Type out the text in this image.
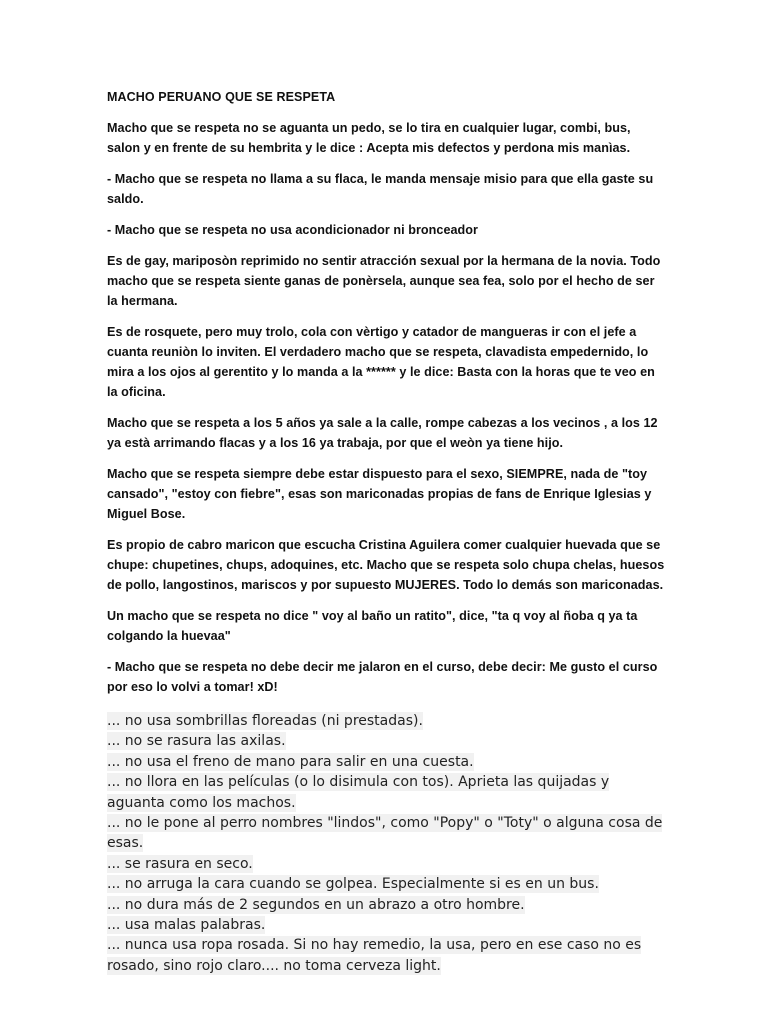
MACHO PERUANO QUE SE RESPETA

Macho que se respeta no se aguanta un pedo, se lo tira en cualquier lugar, combi, bus, salon y en frente de su hembrita y le dice : Acepta mis defectos y perdona mis manìas.

- Macho que se respeta no llama a su flaca, le manda mensaje misio para que ella gaste su saldo.

- Macho que se respeta no usa acondicionador ni bronceador

Es de gay, mariposòn reprimido no sentir atracción sexual por la hermana de la novia. Todo macho que se respeta siente ganas de ponèrsela, aunque sea fea, solo por el hecho de ser la hermana.

Es de rosquete, pero muy trolo, cola con vèrtigo y catador de mangueras ir con el jefe a cuanta reuniòn lo inviten. El verdadero macho que se respeta, clavadista empedernido, lo mira a los ojos al gerentito y lo manda a la ****** y le dice: Basta con la horas que te veo en la oficina.

Macho que se respeta a los 5 años ya sale a la calle, rompe cabezas a los vecinos , a los 12 ya està arrimando flacas y a los 16 ya trabaja, por que el weòn ya tiene hijo.

Macho que se respeta siempre debe estar dispuesto para el sexo, SIEMPRE, nada de "toy cansado", "estoy con fiebre", esas son mariconadas propias de fans de Enrique Iglesias y Miguel Bose.

Es propio de cabro maricon que escucha Cristina Aguilera comer cualquier huevada que se chupe: chupetines, chups, adoquines, etc. Macho que se respeta solo chupa chelas, huesos de pollo, langostinos, mariscos y por supuesto MUJERES. Todo lo demás son mariconadas.

Un macho que se respeta no dice " voy al baño un ratito", dice, "ta q voy al ñoba q ya ta colgando la huevaa"

- Macho que se respeta no debe decir me jalaron en el curso, debe decir: Me gusto el curso por eso lo volvi a tomar! xD!

... no usa sombrillas floreadas (ni prestadas).
... no se rasura las axilas.
... no usa el freno de mano para salir en una cuesta.
... no llora en las películas (o lo disimula con tos). Aprieta las quijadas y aguanta como los machos.
... no le pone al perro nombres "lindos", como "Popy" o "Toty" o alguna cosa de esas.
... se rasura en seco.
... no arruga la cara cuando se golpea. Especialmente si es en un bus.
... no dura más de 2 segundos en un abrazo a otro hombre.
... usa malas palabras.
... nunca usa ropa rosada. Si no hay remedio, la usa, pero en ese caso no es rosado, sino rojo claro.... no toma cerveza light.
